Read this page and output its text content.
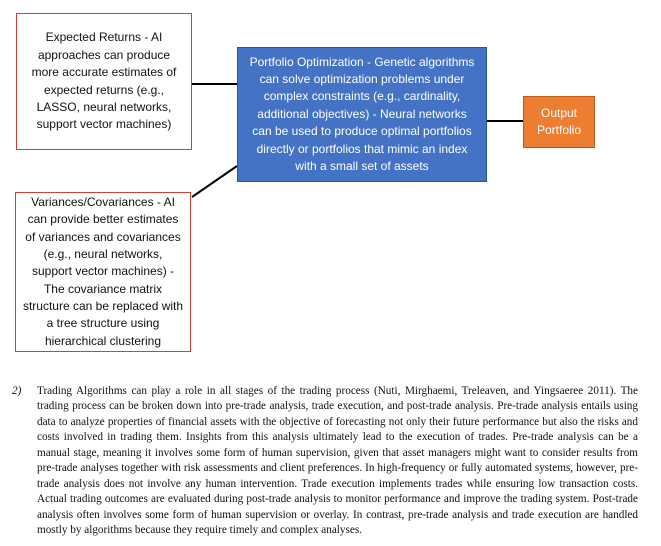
Expected Returns - AI approaches can produce more accurate estimates of expected returns (e.g., LASSO, neural networks, support vector machines)
Variances/Covariances - AI can provide better estimates of variances and covariances (e.g., neural networks, support vector machines) - The covariance matrix structure can be replaced with a tree structure using hierarchical clustering
Portfolio Optimization - Genetic algorithms can solve optimization problems under complex constraints (e.g., cardinality, additional objectives) - Neural networks can be used to produce optimal portfolios directly or portfolios that mimic an index with a small set of assets
Output Portfolio
2) Trading Algorithms can play a role in all stages of the trading process (Nuti, Mirghaemi, Treleaven, and Yingsaeree 2011). The trading process can be broken down into pre-trade analysis, trade execution, and post-trade analysis. Pre-trade analysis entails using data to analyze properties of financial assets with the objective of forecasting not only their future performance but also the risks and costs involved in trading them. Insights from this analysis ultimately lead to the execution of trades. Pre-trade analysis can be a manual stage, meaning it involves some form of human supervision, given that asset managers might want to consider results from pre-trade analyses together with risk assessments and client preferences. In high-frequency or fully automated systems, however, pre-trade analysis does not involve any human intervention. Trade execution implements trades while ensuring low transaction costs. Actual trading outcomes are evaluated during post-trade analysis to monitor performance and improve the trading system. Post-trade analysis often involves some form of human supervision or overlay. In contrast, pre-trade analysis and trade execution are handled mostly by algorithms because they require timely and complex analyses.
